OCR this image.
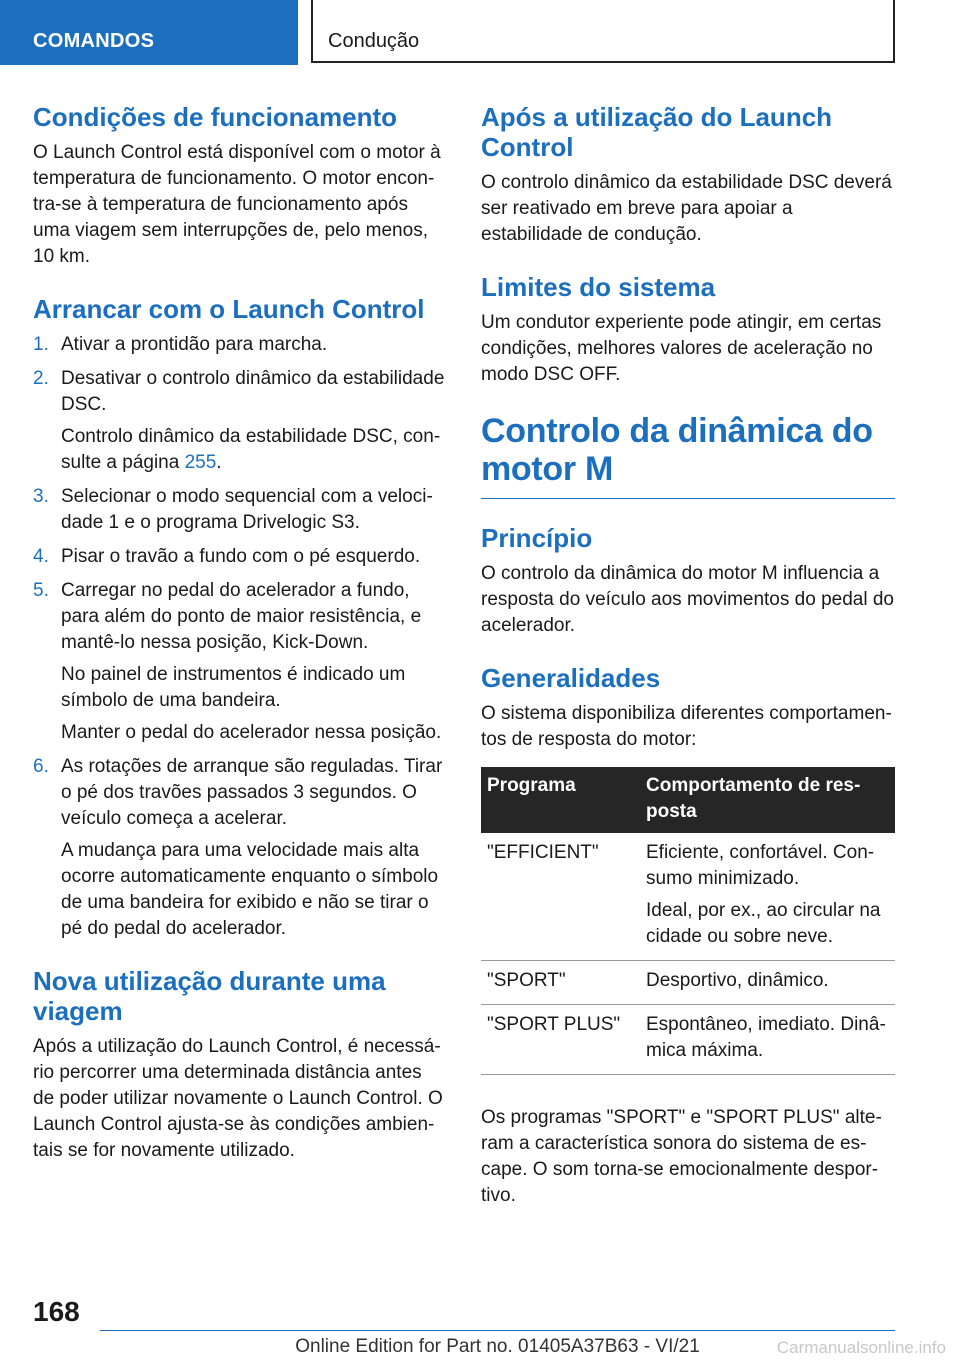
COMANDOS	Condução
Condições de funcionamento

O Launch Control está disponível com o motor à temperatura de funcionamento. O motor encontra-se à temperatura de funcionamento após uma viagem sem interrupções de, pelo menos, 10 km.

Arrancar com o Launch Control
1. Ativar a prontidão para marcha.

2. Desativar o controlo dinâmico da estabilidade DSC.

Controlo dinâmico da estabilidade DSC, consulte a página 255.

3. Selecionar o modo sequencial com a velocidade 1 e o programa Drivelogic S3.

4. Pisar o travão a fundo com o pé esquerdo.

5. Carregar no pedal do acelerador a fundo, para além do ponto de maior resistência, e mantê-lo nessa posição, Kick-Down.

No painel de instrumentos é indicado um símbolo de uma bandeira.

Manter o pedal do acelerador nessa posição.

6. As rotações de arranque são reguladas. Tirar o pé dos travões passados 3 segundos. O veículo começa a acelerar.

A mudança para uma velocidade mais alta ocorre automaticamente enquanto o símbolo de uma bandeira for exibido e não se tirar o pé do pedal do acelerador.

Nova utilização durante uma viagem

Após a utilização do Launch Control, é necessário percorrer uma determinada distância antes de poder utilizar novamente o Launch Control. O Launch Control ajusta-se às condições ambientais se for novamente utilizado.

Após a utilização do Launch Control

O controlo dinâmico da estabilidade DSC deverá ser reativado em breve para apoiar a estabilidade de condução.

Limites do sistema

Um condutor experiente pode atingir, em certas condições, melhores valores de aceleração no modo DSC OFF.

Controlo da dinâmica do motor M
Princípio

O controlo da dinâmica do motor M influencia a resposta do veículo aos movimentos do pedal do acelerador.

Generalidades

O sistema disponibiliza diferentes comportamentos de resposta do motor:

Programa	Comportamento de resposta
"EFFICIENT"	Eficiente, confortável. Consumo minimizado.

Ideal, por ex., ao circular na cidade ou sobre neve.

"SPORT"	Desportivo, dinâmico.

"SPORT PLUS"	Espontâneo, imediato. Dinâmica máxima.

Os programas "SPORT" e "SPORT PLUS" alteram a característica sonora do sistema de escape. O som torna-se emocionalmente desportivo.

168
Online Edition for Part no. 01405A37B63 - VI/21	Carmanualsonline.info
